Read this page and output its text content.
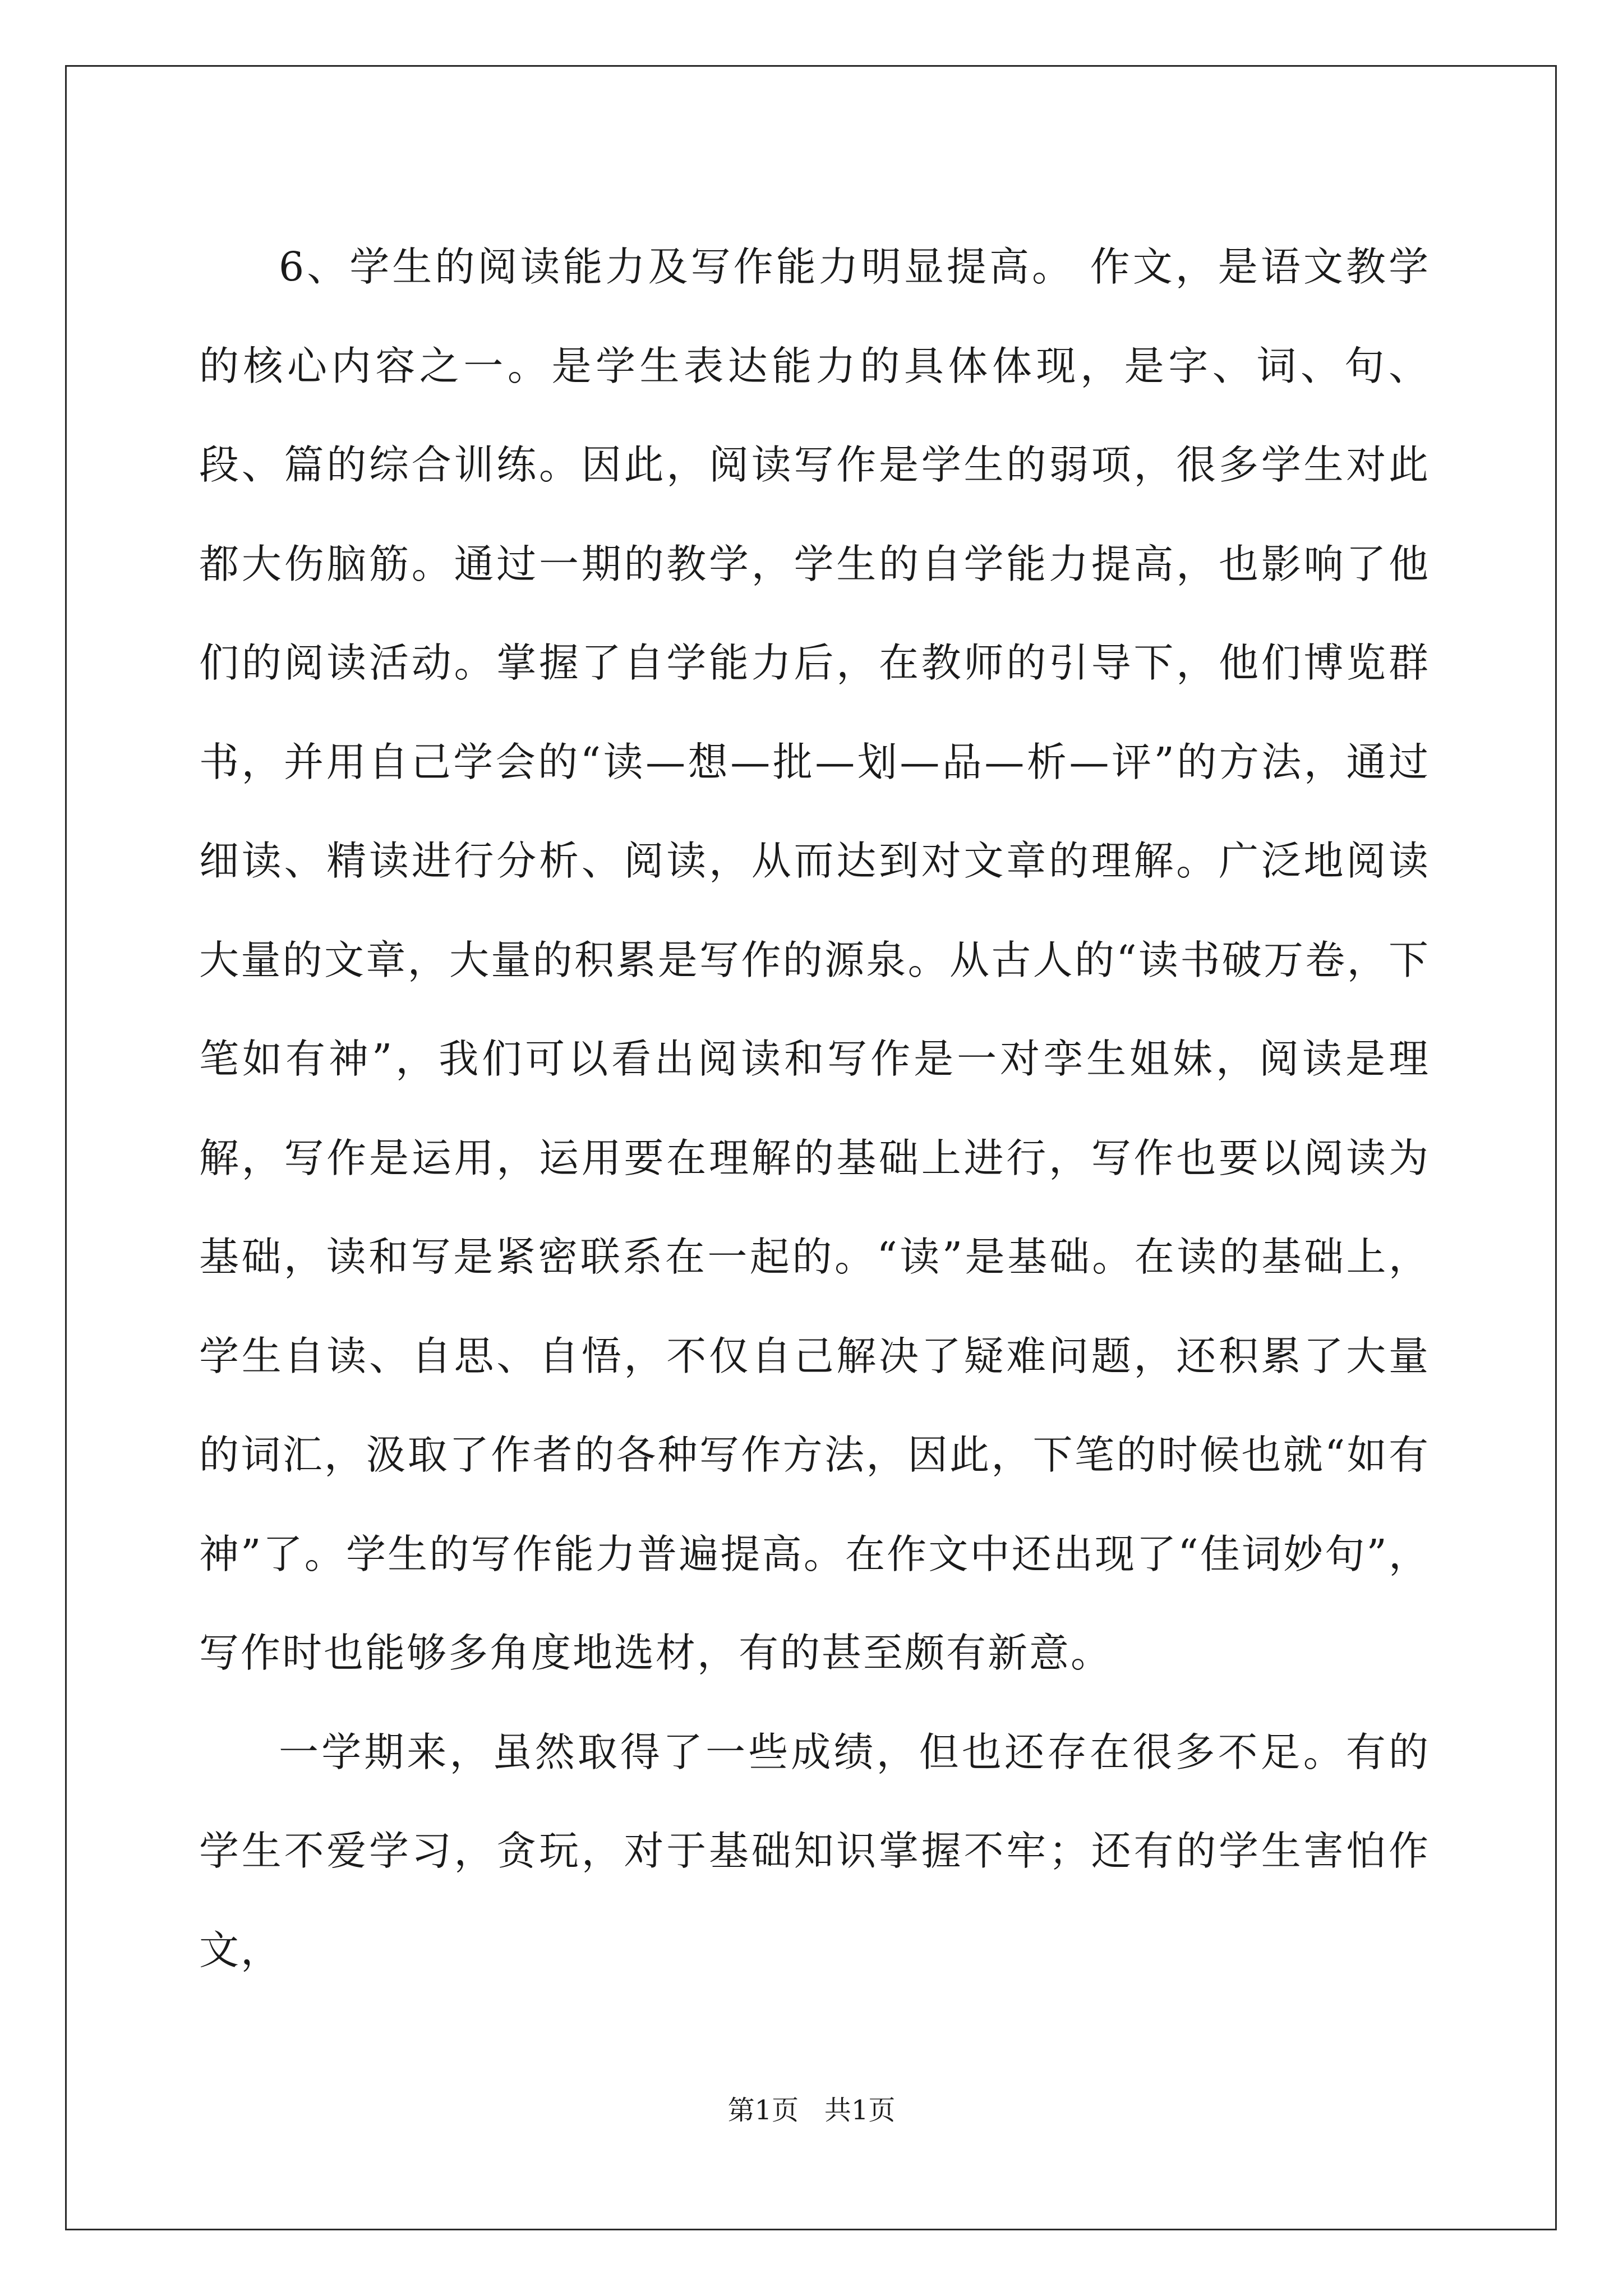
6、学生的阅读能力及写作能力明显提高。 作文，是语文教学的核心内容之一。是学生表达能力的具体体现，是字、词、句、段、篇的综合训练。因此，阅读写作是学生的弱项，很多学生对此都大伤脑筋。通过一期的教学，学生的自学能力提高，也影响了他们的阅读活动。掌握了自学能力后，在教师的引导下，他们博览群书，并用自己学会的“读—想—批—划—品—析—评”的方法，通过细读、精读进行分析、阅读，从而达到对文章的理解。广泛地阅读大量的文章，大量的积累是写作的源泉。从古人的“读书破万卷，下笔如有神”，我们可以看出阅读和写作是一对孪生姐妹，阅读是理解，写作是运用，运用要在理解的基础上进行，写作也要以阅读为基础，读和写是紧密联系在一起的。“读”是基础。在读的基础上，学生自读、自思、自悟，不仅自己解决了疑难问题，还积累了大量的词汇，汲取了作者的各种写作方法，因此，下笔的时候也就“如有神”了。学生的写作能力普遍提高。在作文中还出现了“佳词妙句”，写作时也能够多角度地选材，有的甚至颇有新意。

一学期来，虽然取得了一些成绩，但也还存在很多不足。有的学生不爱学习，贪玩，对于基础知识掌握不牢；还有的学生害怕作文，

第1页   共1页
